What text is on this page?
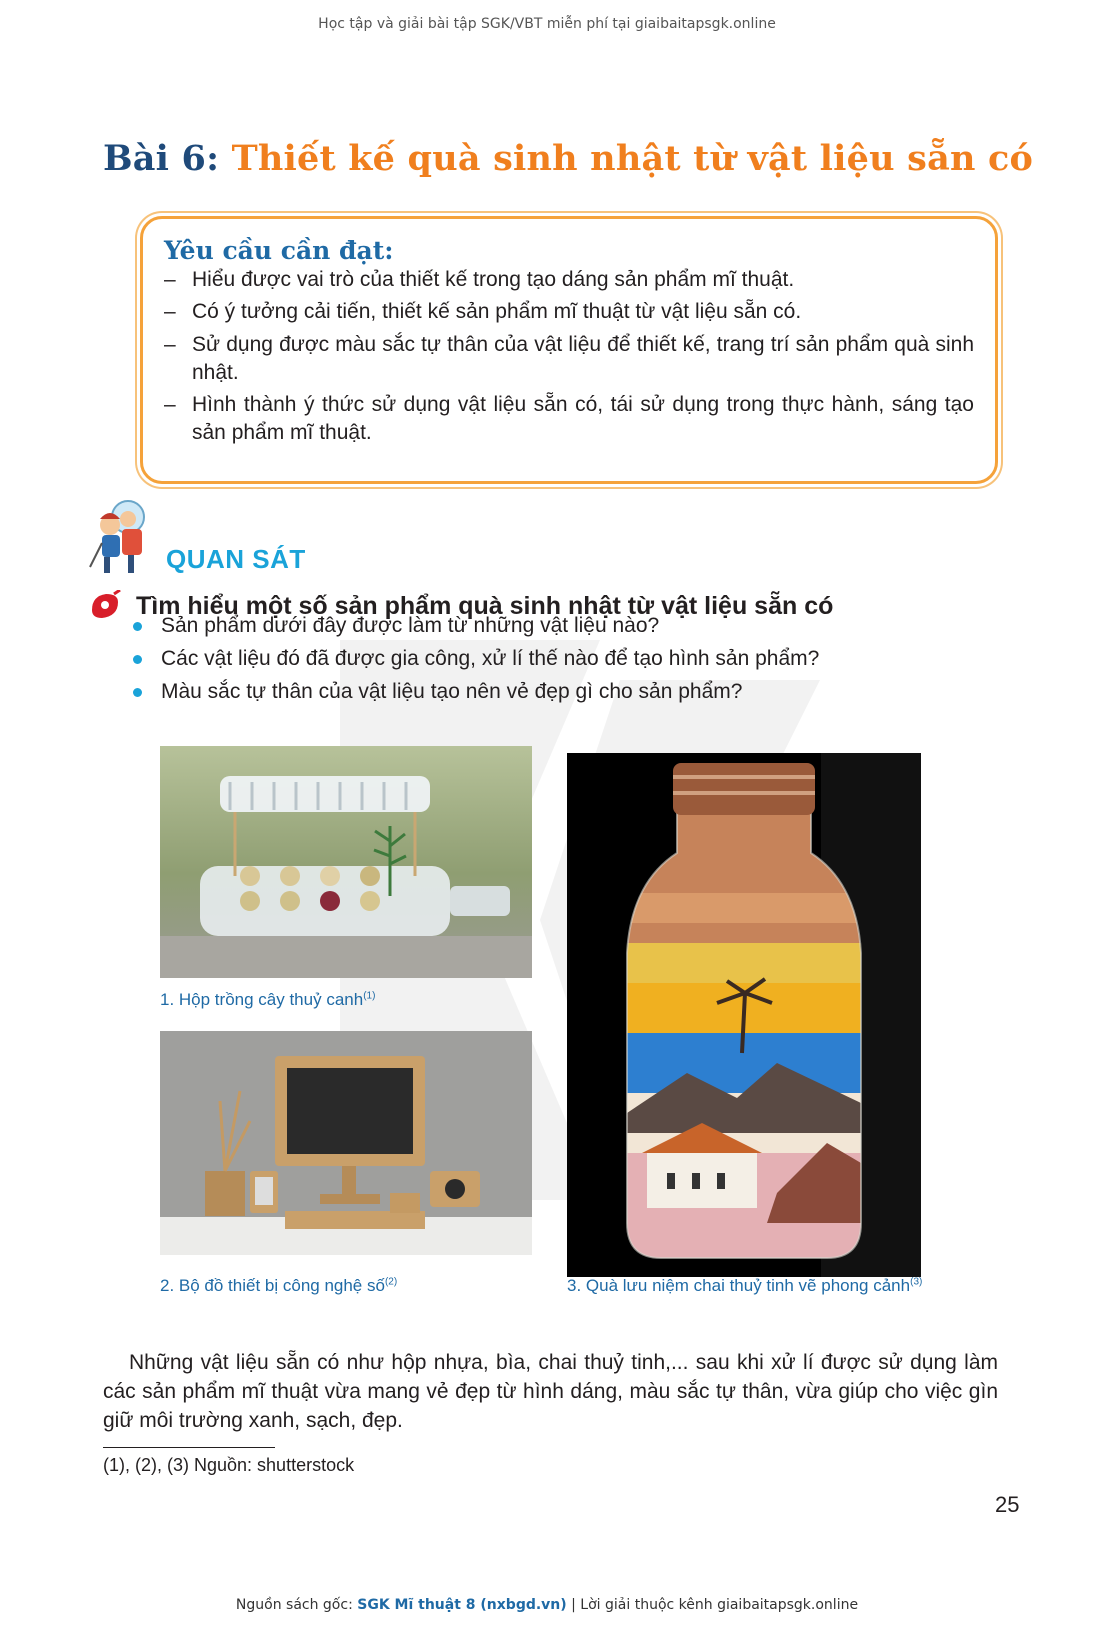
Học tập và giải bài tập SGK/VBT miễn phí tại giaibaitapsgk.online
Bài 6: Thiết kế quà sinh nhật từ vật liệu sẵn có
Yêu cầu cần đạt:
– Hiểu được vai trò của thiết kế trong tạo dáng sản phẩm mĩ thuật.
– Có ý tưởng cải tiến, thiết kế sản phẩm mĩ thuật từ vật liệu sẵn có.
– Sử dụng được màu sắc tự thân của vật liệu để thiết kế, trang trí sản phẩm quà sinh nhật.
– Hình thành ý thức sử dụng vật liệu sẵn có, tái sử dụng trong thực hành, sáng tạo sản phẩm mĩ thuật.
QUAN SÁT
Tìm hiểu một số sản phẩm quà sinh nhật từ vật liệu sẵn có
Sản phẩm dưới đây được làm từ những vật liệu nào?
Các vật liệu đó đã được gia công, xử lí thế nào để tạo hình sản phẩm?
Màu sắc tự thân của vật liệu tạo nên vẻ đẹp gì cho sản phẩm?
1. Hộp trồng cây thuỷ canh$^{(1)}$
2. Bộ đồ thiết bị công nghệ số$^{(2)}$	3. Quà lưu niệm chai thuỷ tinh vẽ phong cảnh$^{(3)}$
Những vật liệu sẵn có như hộp nhựa, bìa, chai thuỷ tinh,... sau khi xử lí được sử dụng làm các sản phẩm mĩ thuật vừa mang vẻ đẹp từ hình dáng, màu sắc tự thân, vừa giúp cho việc gìn giữ môi trường xanh, sạch, đẹp.
(1), (2), (3) Nguồn: shutterstock
25
Nguồn sách gốc: SGK Mĩ thuật 8 (nxbgd.vn) | Lời giải thuộc kênh giaibaitapsgk.online
